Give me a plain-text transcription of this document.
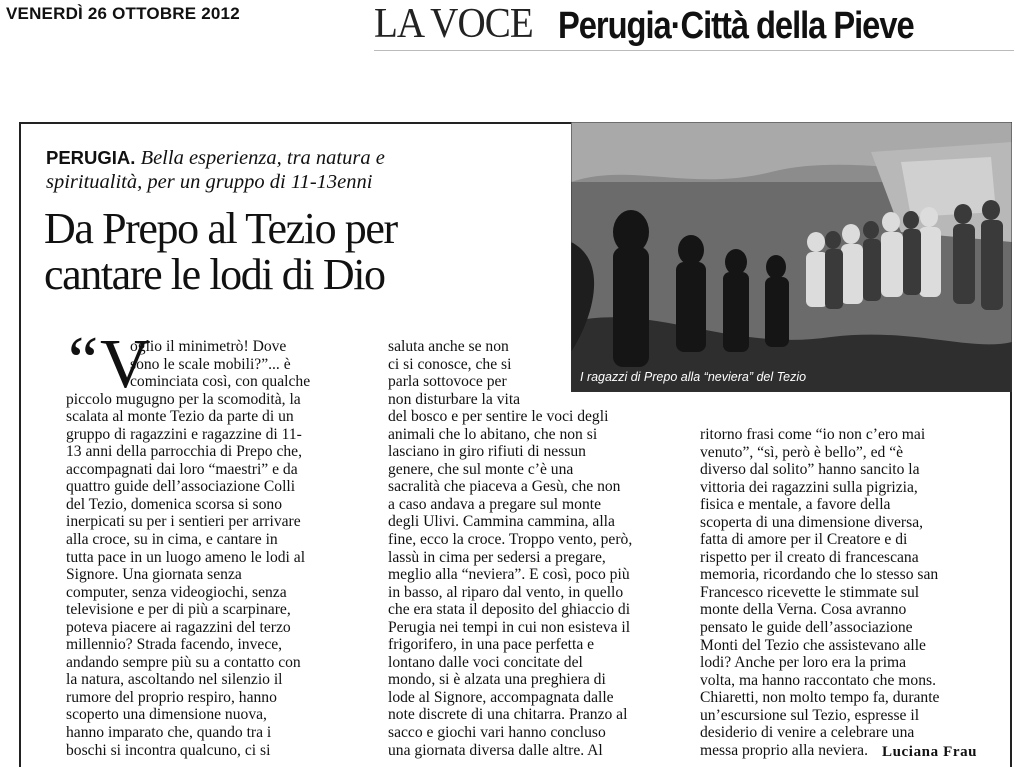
VENERDÌ 26 OTTOBRE 2012	LA VOCE Perugia·Città della Pieve
PERUGIA. Bella esperienza, tra natura e
spiritualità, per un gruppo di 11-13enni
Da Prepo al Tezio per
cantare le lodi di Dio
I ragazzi di Prepo alla “neviera” del Tezio
“ V
oglio il minimetrò! Dove
sono le scale mobili?”... è
cominciata così, con qualche
piccolo mugugno per la scomodità, la
scalata al monte Tezio da parte di un
gruppo di ragazzini e ragazzine di 11-
13 anni della parrocchia di Prepo che,
accompagnati dai loro “maestri” e da
quattro guide dell’associazione Colli
del Tezio, domenica scorsa si sono
inerpicati su per i sentieri per arrivare
alla croce, su in cima, e cantare in
tutta pace in un luogo ameno le lodi al
Signore. Una giornata senza
computer, senza videogiochi, senza
televisione e per di più a scarpinare,
poteva piacere ai ragazzini del terzo
millennio? Strada facendo, invece,
andando sempre più su a contatto con
la natura, ascoltando nel silenzio il
rumore del proprio respiro, hanno
scoperto una dimensione nuova,
hanno imparato che, quando tra i
boschi si incontra qualcuno, ci si
saluta anche se non
ci si conosce, che si
parla sottovoce per
non disturbare la vita
del bosco e per sentire le voci degli
animali che lo abitano, che non si
lasciano in giro rifiuti di nessun
genere, che sul monte c’è una
sacralità che piaceva a Gesù, che non
a caso andava a pregare sul monte
degli Ulivi. Cammina cammina, alla
fine, ecco la croce. Troppo vento, però,
lassù in cima per sedersi a pregare,
meglio alla “neviera”. E così, poco più
in basso, al riparo dal vento, in quello
che era stata il deposito del ghiaccio di
Perugia nei tempi in cui non esisteva il
frigorifero, in una pace perfetta e
lontano dalle voci concitate del
mondo, si è alzata una preghiera di
lode al Signore, accompagnata dalle
note discrete di una chitarra. Pranzo al
sacco e giochi vari hanno concluso
una giornata diversa dalle altre. Al
ritorno frasi come “io non c’ero mai
venuto”, “sì, però è bello”, ed “è
diverso dal solito” hanno sancito la
vittoria dei ragazzini sulla pigrizia,
fisica e mentale, a favore della
scoperta di una dimensione diversa,
fatta di amore per il Creatore e di
rispetto per il creato di francescana
memoria, ricordando che lo stesso san
Francesco ricevette le stimmate sul
monte della Verna. Cosa avranno
pensato le guide dell’associazione
Monti del Tezio che assistevano alle
lodi? Anche per loro era la prima
volta, ma hanno raccontato che mons.
Chiaretti, non molto tempo fa, durante
un’escursione sul Tezio, espresse il
desiderio di venire a celebrare una
messa proprio alla neviera. Luciana Frau
